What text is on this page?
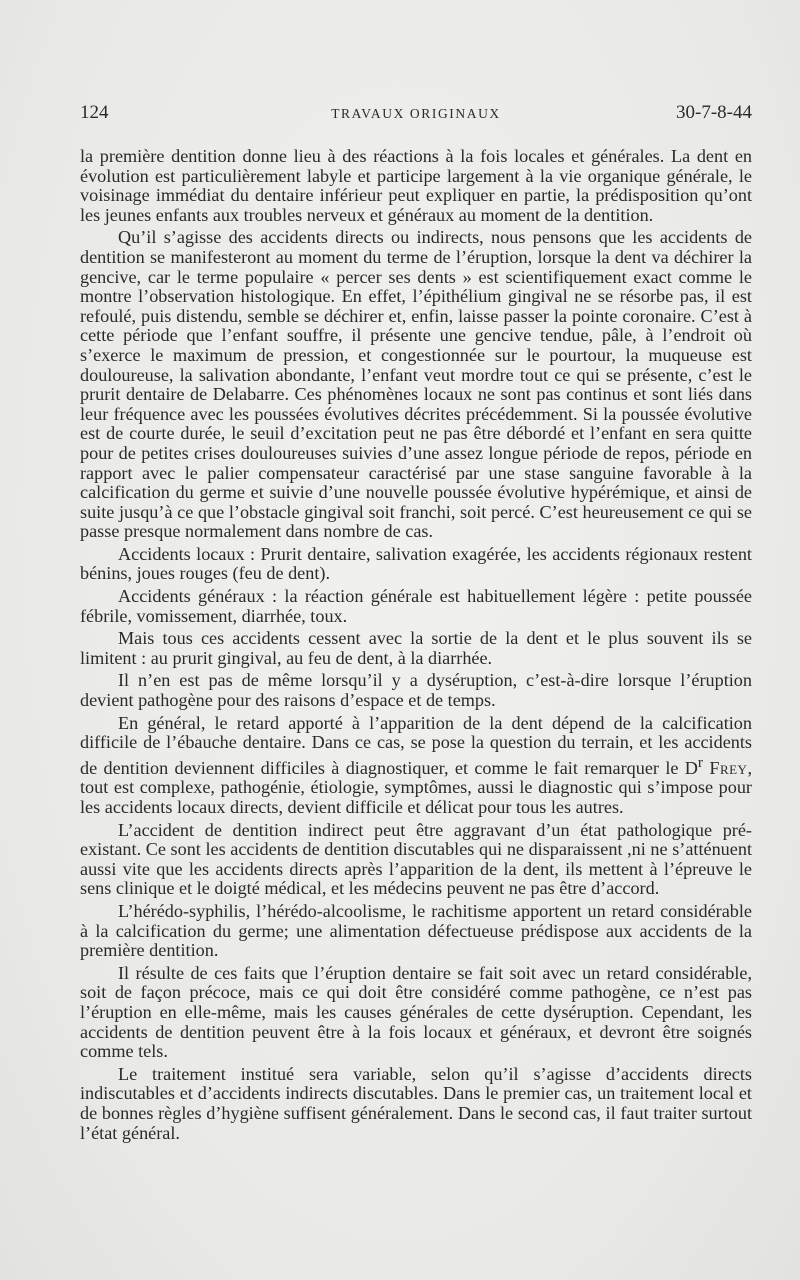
124	TRAVAUX ORIGINAUX	30-7-8-44

la première dentition donne lieu à des réactions à la fois locales et générales. La dent en évolution est particulièrement labyle et participe largement à la vie organique générale, le voisinage immédiat du dentaire inférieur peut expliquer en partie, la prédisposition qu’ont les jeunes enfants aux troubles nerveux et généraux au moment de la dentition.

Qu’il s’agisse des accidents directs ou indirects, nous pensons que les accidents de dentition se manifesteront au moment du terme de l’éruption, lorsque la dent va déchirer la gencive, car le terme populaire « percer ses dents » est scientifiquement exact comme le montre l’observation histologique. En effet, l’épithélium gingival ne se résorbe pas, il est refoulé, puis distendu, semble se déchirer et, enfin, laisse passer la pointe coronaire. C’est à cette période que l’enfant souffre, il présente une gencive tendue, pâle, à l’endroit où s’exerce le maximum de pression, et congestionnée sur le pourtour, la muqueuse est douloureuse, la salivation abondante, l’enfant veut mordre tout ce qui se présente, c’est le prurit dentaire de Delabarre. Ces phénomènes locaux ne sont pas continus et sont liés dans leur fréquence avec les poussées évolutives décrites précédemment. Si la poussée évolutive est de courte durée, le seuil d’excitation peut ne pas être débordé et l’enfant en sera quitte pour de petites crises douloureuses suivies d’une assez longue période de repos, période en rapport avec le palier compensateur caractérisé par une stase sanguine favorable à la calcification du germe et suivie d’une nouvelle poussée évolutive hypérémique, et ainsi de suite jusqu’à ce que l’obstacle gingival soit franchi, soit percé. C’est heureusement ce qui se passe presque normalement dans nombre de cas.

Accidents locaux : Prurit dentaire, salivation exagérée, les accidents régionaux restent bénins, joues rouges (feu de dent).

Accidents généraux : la réaction générale est habituellement légère : petite poussée fébrile, vomissement, diarrhée, toux.

Mais tous ces accidents cessent avec la sortie de la dent et le plus souvent ils se limitent : au prurit gingival, au feu de dent, à la diarrhée.

Il n’en est pas de même lorsqu’il y a dyséruption, c’est-à-dire lorsque l’éruption devient pathogène pour des raisons d’espace et de temps.

En général, le retard apporté à l’apparition de la dent dépend de la calcification difficile de l’ébauche dentaire. Dans ce cas, se pose la question du terrain, et les accidents de dentition deviennent difficiles à diagnostiquer, et comme le fait remarquer le $D^r$ Frey, tout est complexe, pathogénie, étiologie, symptômes, aussi le diagnostic qui s’impose pour les accidents locaux directs, devient difficile et délicat pour tous les autres.

L’accident de dentition indirect peut être aggravant d’un état pathologique pré-existant. Ce sont les accidents de dentition discutables qui ne disparaissent ,ni ne s’atténuent aussi vite que les accidents directs après l’apparition de la dent, ils mettent à l’épreuve le sens clinique et le doigté médical, et les médecins peuvent ne pas être d’accord.

L’hérédo-syphilis, l’hérédo-alcoolisme, le rachitisme apportent un retard considérable à la calcification du germe; une alimentation défectueuse prédispose aux accidents de la première dentition.

Il résulte de ces faits que l’éruption dentaire se fait soit avec un retard considérable, soit de façon précoce, mais ce qui doit être considéré comme pathogène, ce n’est pas l’éruption en elle-même, mais les causes générales de cette dyséruption. Cependant, les accidents de dentition peuvent être à la fois locaux et généraux, et devront être soignés comme tels.

Le traitement institué sera variable, selon qu’il s’agisse d’accidents directs indiscutables et d’accidents indirects discutables. Dans le premier cas, un traitement local et de bonnes règles d’hygiène suffisent généralement. Dans le second cas, il faut traiter surtout l’état général.
